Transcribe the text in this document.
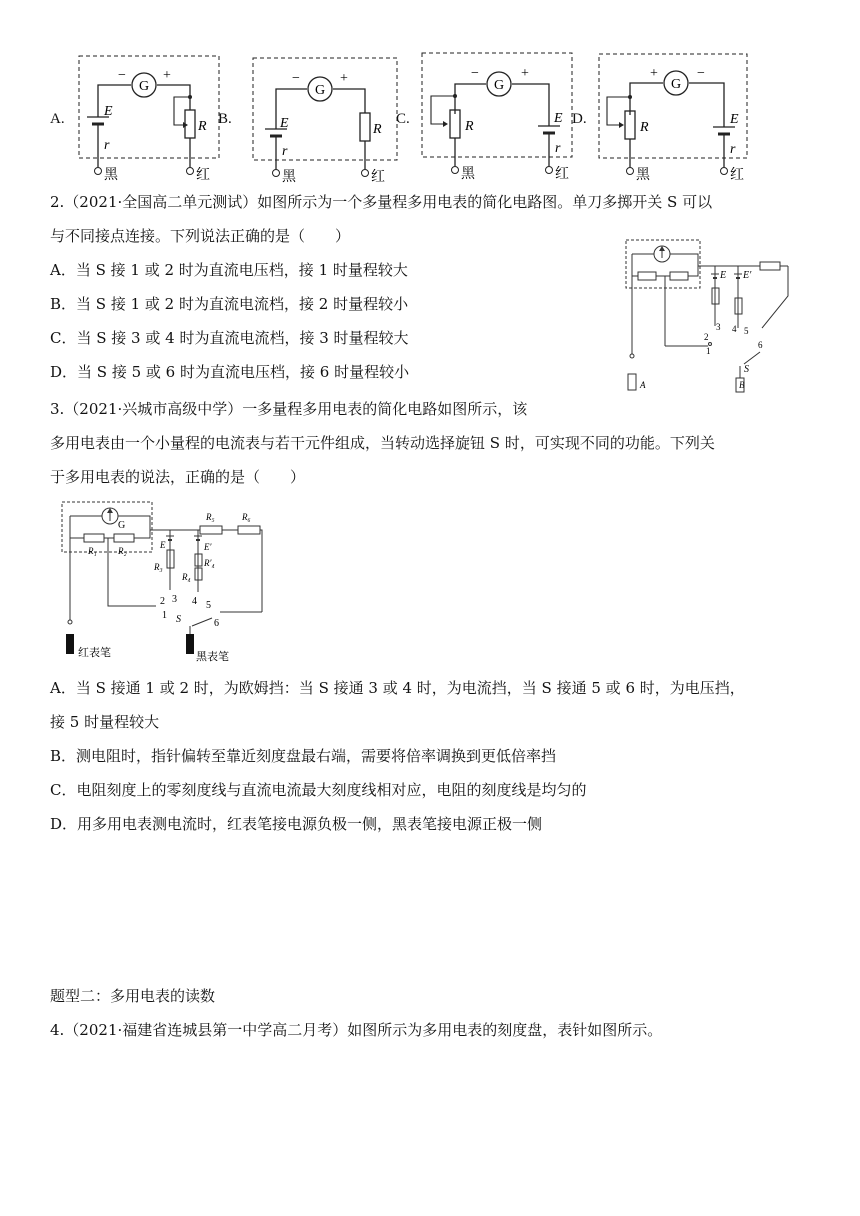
A.
G
−	+
R
红
E
r
黑
B.
G
−	+
R
红
E
r
黑
C.
G
−	+
R
黑
E
r
红
D.
G
+	−
R
黑
E
r
红
2.（2021·全国高二单元测试）如图所示为一个多量程多用电表的简化电路图。单刀多掷开关 S 可以
与不同接点连接。下列说法正确的是（　　）
A．当 S 接 1 或 2 时为直流电压档，接 1 时量程较大
B．当 S 接 1 或 2 时为直流电流档，接 2 时量程较小
C．当 S 接 3 或 4 时为直流电流档，接 3 时量程较大
D．当 S 接 5 或 6 时为直流电压档，接 6 时量程较小
E E′
2
3 4 5
1
6
S
B
A
3.（2021·兴城市高级中学）一多量程多用电表的简化电路如图所示，该
多用电表由一个小量程的电流表与若干元件组成，当转动选择旋钮 S 时，可实现不同的功能。下列关
于多用电表的说法，正确的是（　　）
G
R₁ R₂
R₅	R₆
E
R₃
E′
R′₄
R₄
2 3 4 5
1
6
S
黑表笔
红表笔
A．当 S 接通 1 或 2 时，为欧姆挡：当 S 接通 3 或 4 时，为电流挡，当 S 接通 5 或 6 时，为电压挡，
接 5 时量程较大
B．测电阻时，指针偏转至靠近刻度盘最右端，需要将倍率调换到更低倍率挡
C．电阻刻度上的零刻度线与直流电流最大刻度线相对应，电阻的刻度线是均匀的
D．用多用电表测电流时，红表笔接电源负极一侧，黑表笔接电源正极一侧
题型二：多用电表的读数
4.（2021·福建省连城县第一中学高二月考）如图所示为多用电表的刻度盘，表针如图所示。
